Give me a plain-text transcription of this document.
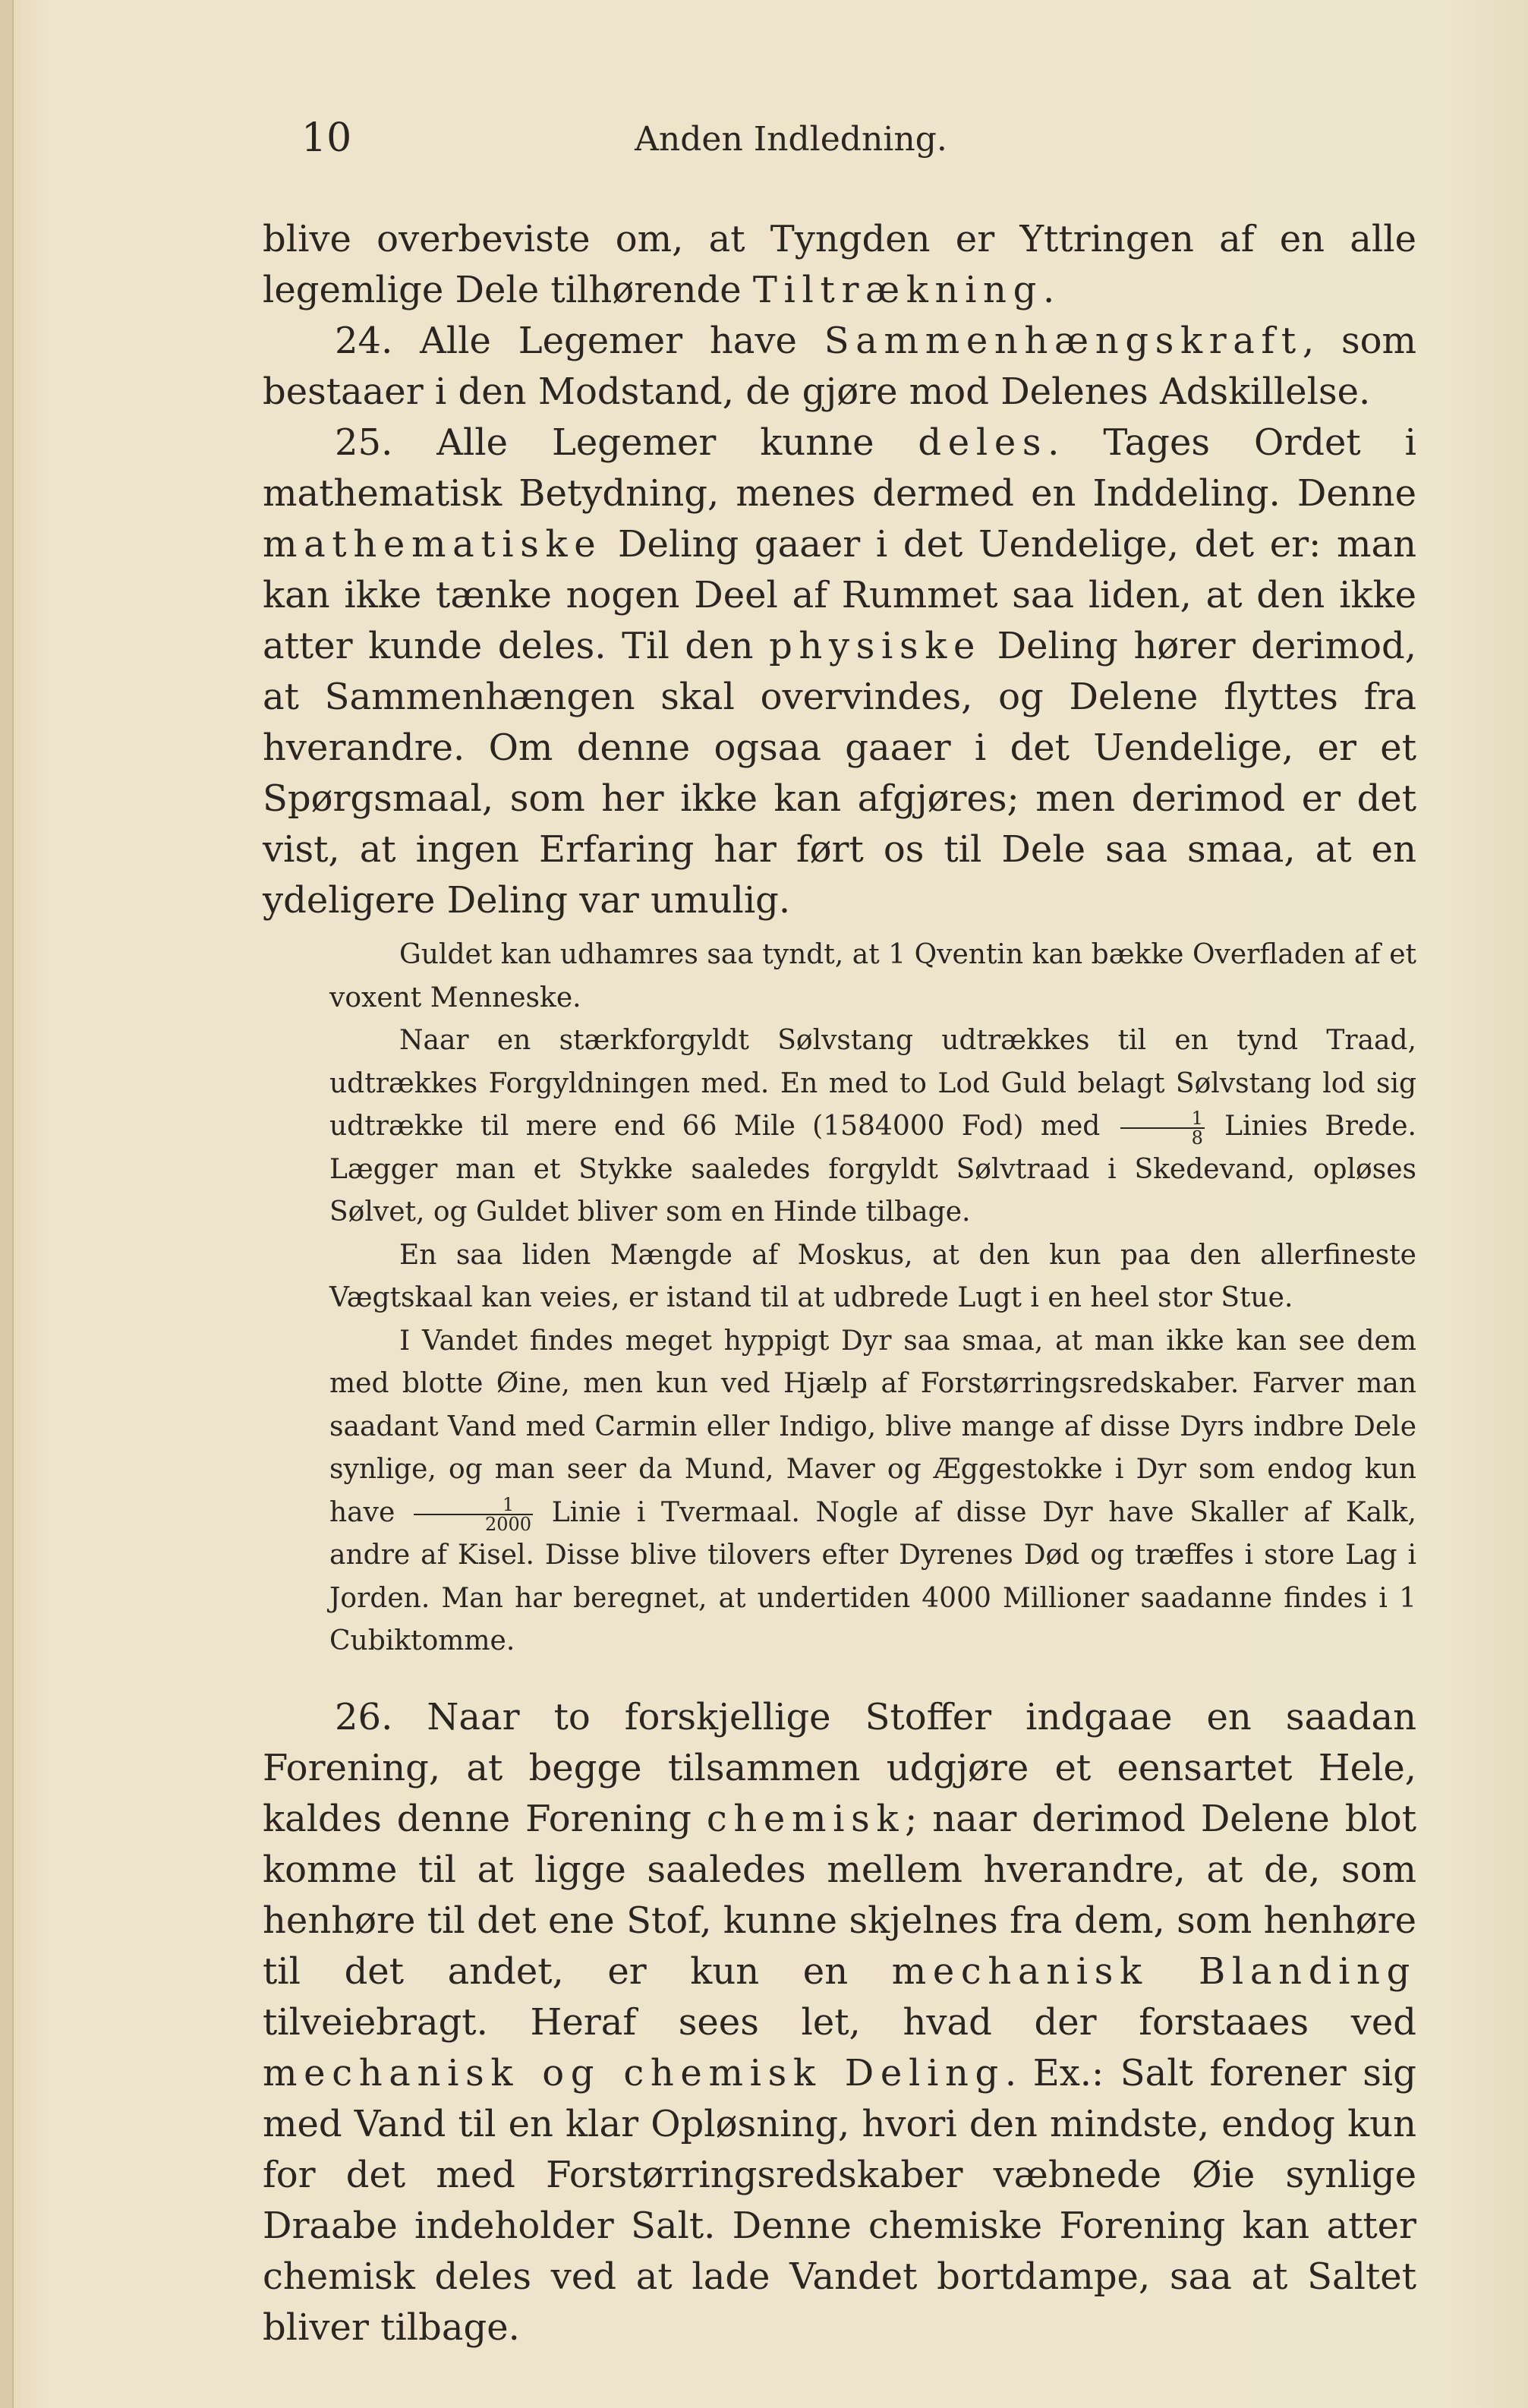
10	Anden Indledning.

blive overbeviste om, at Tyngden er Yttringen af en alle legemlige Dele tilhørende Tiltrækning.

24. Alle Legemer have Sammenhængskraft, som bestaaer i den Modstand, de gjøre mod Delenes Adskillelse.

25. Alle Legemer kunne deles. Tages Ordet i mathematisk Betydning, menes dermed en Inddeling. Denne mathematiske Deling gaaer i det Uendelige, det er: man kan ikke tænke nogen Deel af Rummet saa liden, at den ikke atter kunde deles. Til den physiske Deling hører derimod, at Sammenhængen skal overvindes, og Delene flyttes fra hverandre. Om denne ogsaa gaaer i det Uendelige, er et Spørgsmaal, som her ikke kan afgjøres; men derimod er det vist, at ingen Erfaring har ført os til Dele saa smaa, at en ydeligere Deling var umulig.

Guldet kan udhamres saa tyndt, at 1 Qventin kan bække Overfladen af et voxent Menneske.

Naar en stærkforgyldt Sølvstang udtrækkes til en tynd Traad, udtrækkes Forgyldningen med. En med to Lod Guld belagt Sølvstang lod sig udtrække til mere end 66 Mile (1584000 Fod) med $\frac{1}{8}$ Linies Brede. Lægger man et Stykke saaledes forgyldt Sølvtraad i Skedevand, opløses Sølvet, og Guldet bliver som en Hinde tilbage.

En saa liden Mængde af Moskus, at den kun paa den allerfineste Vægtskaal kan veies, er istand til at udbrede Lugt i en heel stor Stue.

I Vandet findes meget hyppigt Dyr saa smaa, at man ikke kan see dem med blotte Øine, men kun ved Hjælp af Forstørringsredskaber. Farver man saadant Vand med Carmin eller Indigo, blive mange af disse Dyrs indbre Dele synlige, og man seer da Mund, Maver og Æggestokke i Dyr som endog kun have $\frac{1}{2000}$ Linie i Tvermaal. Nogle af disse Dyr have Skaller af Kalk, andre af Kisel. Disse blive tilovers efter Dyrenes Død og træffes i store Lag i Jorden. Man har beregnet, at undertiden 4000 Millioner saadanne findes i 1 Cubiktomme.

26. Naar to forskjellige Stoffer indgaae en saadan Forening, at begge tilsammen udgjøre et eensartet Hele, kaldes denne Forening chemisk; naar derimod Delene blot komme til at ligge saaledes mellem hverandre, at de, som henhøre til det ene Stof, kunne skjelnes fra dem, som henhøre til det andet, er kun en mechanisk Blanding tilveiebragt. Heraf sees let, hvad der forstaaes ved mechanisk og chemisk Deling. Ex.: Salt forener sig med Vand til en klar Opløsning, hvori den mindste, endog kun for det med Forstørringsredskaber væbnede Øie synlige Draabe indeholder Salt. Denne chemiske Forening kan atter chemisk deles ved at lade Vandet bortdampe, saa at Saltet bliver tilbage.
